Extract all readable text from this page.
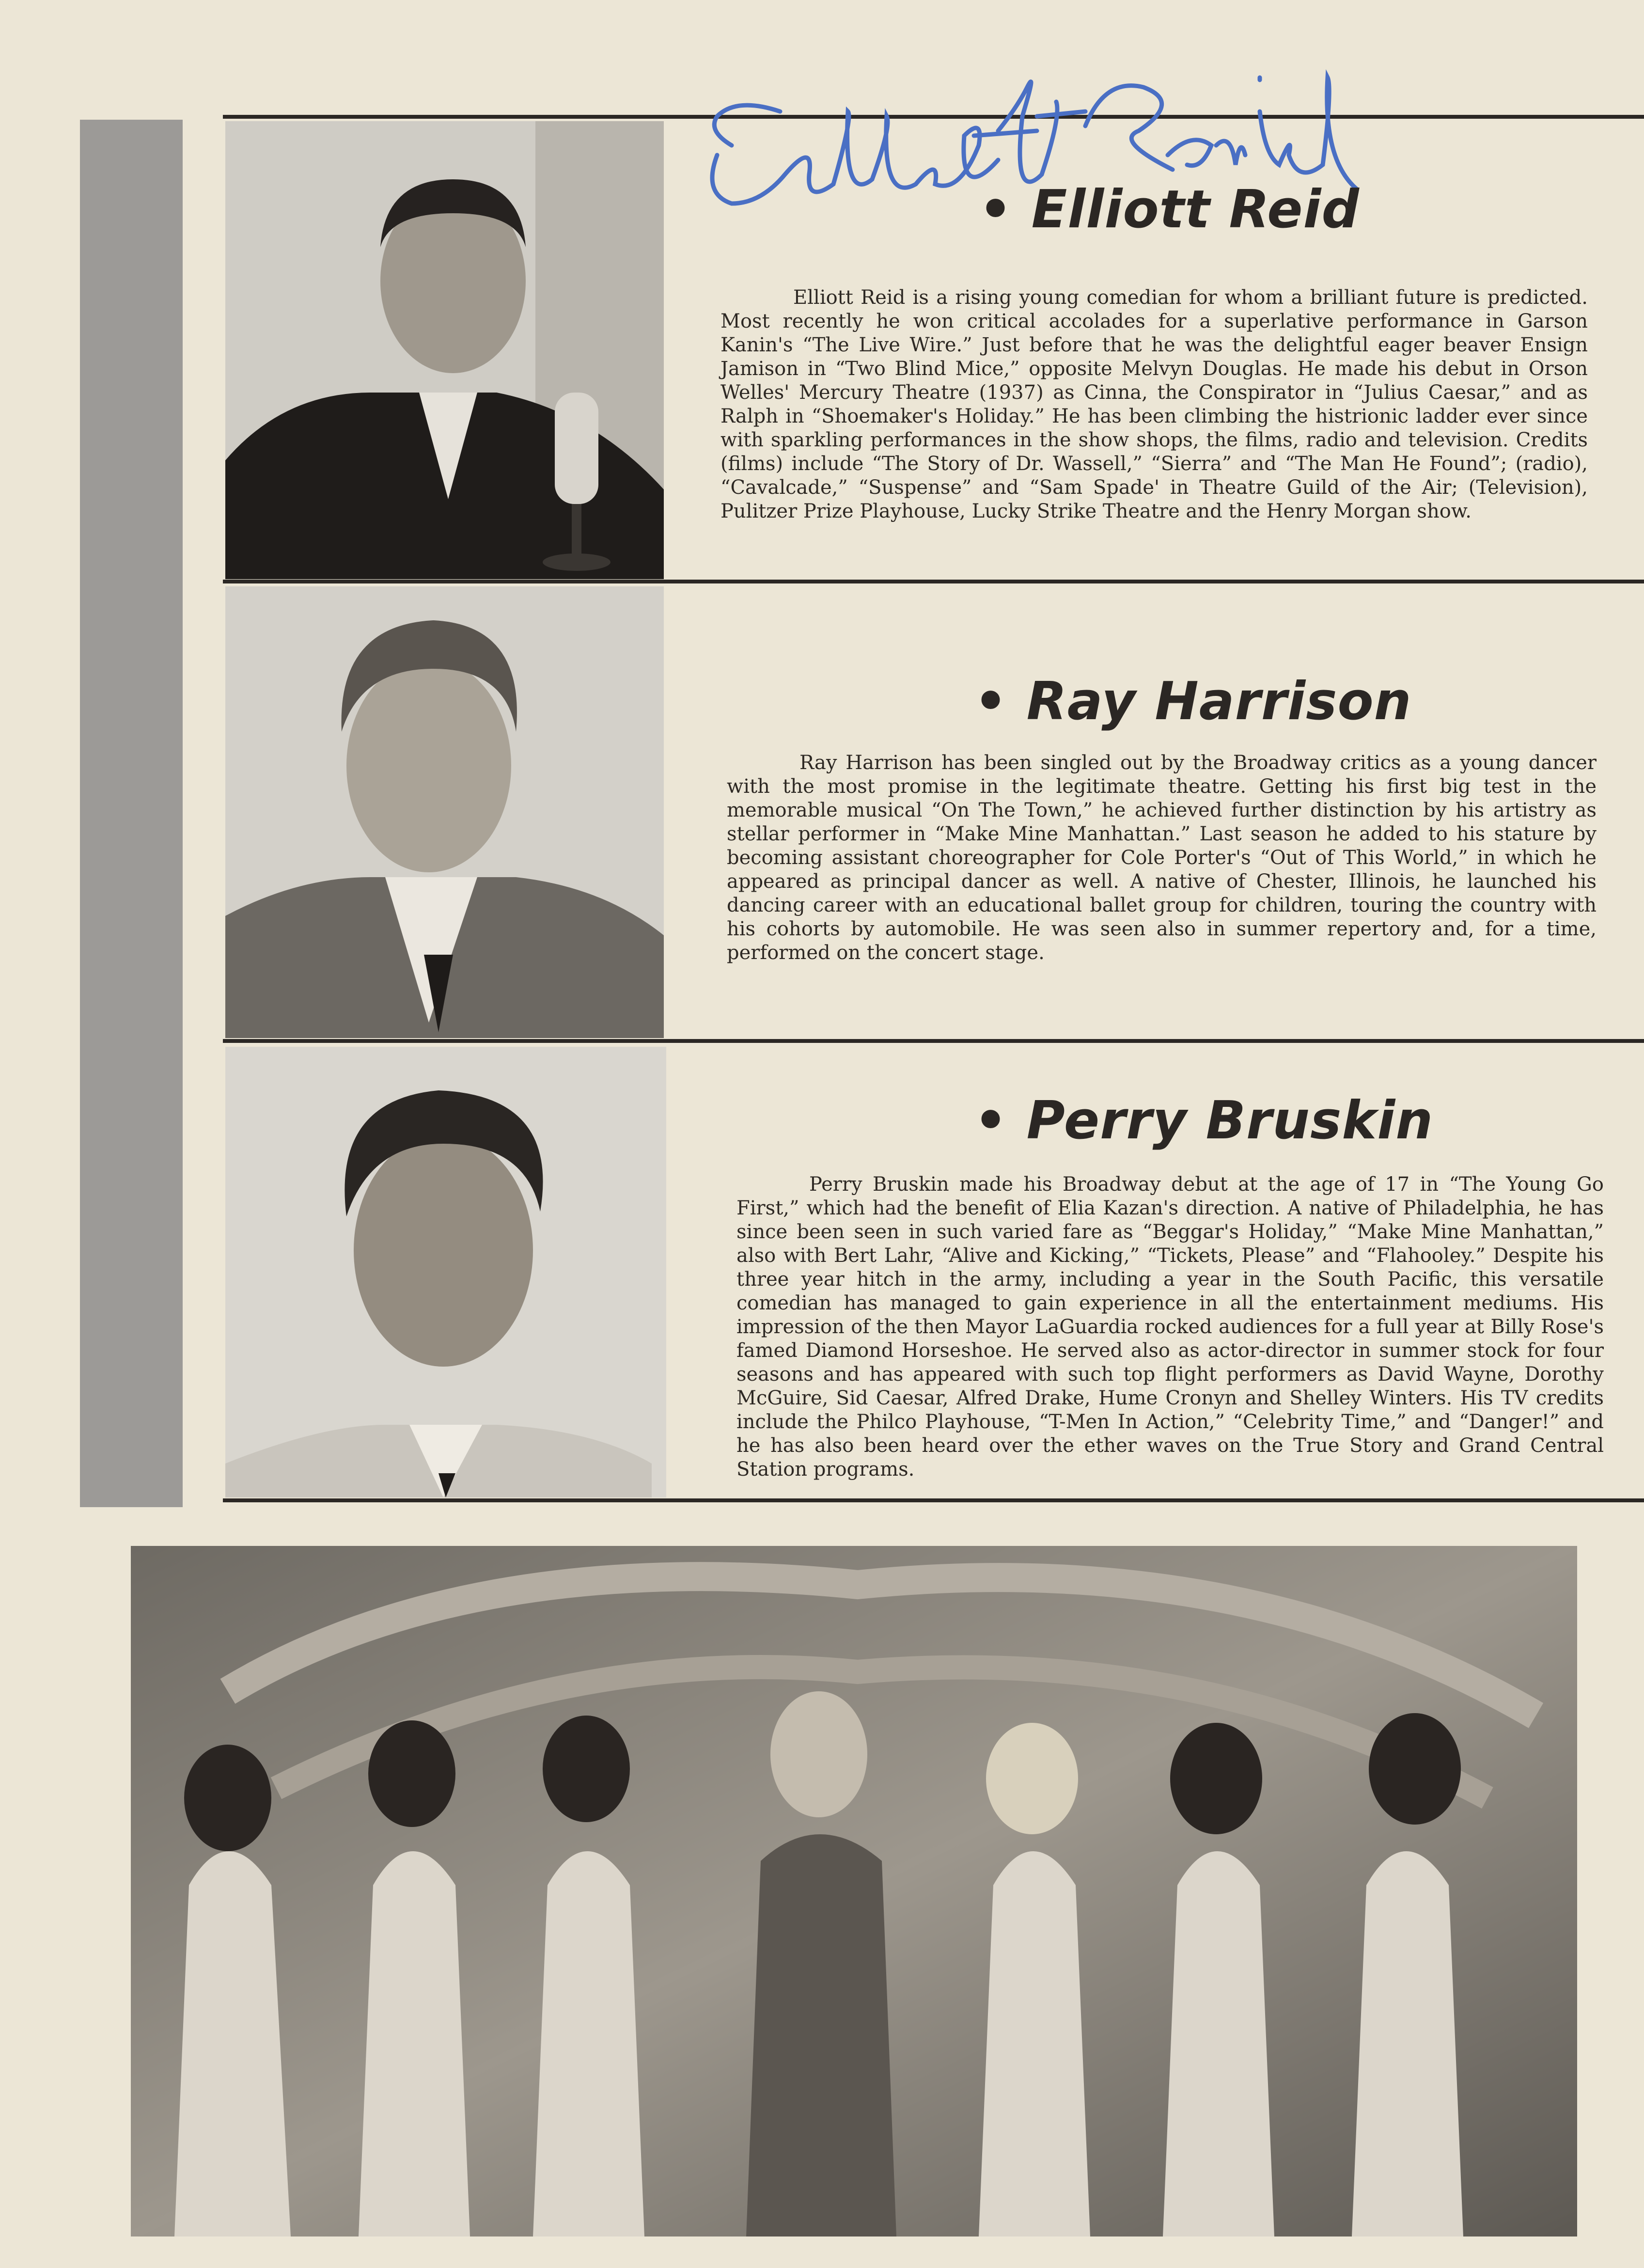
• Elliott Reid

Elliott Reid is a rising young comedian for whom a brilliant future is predicted. Most recently he won critical accolades for a superlative performance in Garson Kanin's “The Live Wire.” Just before that he was the delightful eager beaver Ensign Jamison in “Two Blind Mice,” opposite Melvyn Douglas. He made his debut in Orson Welles' Mercury Theatre (1937) as Cinna, the Conspirator in “Julius Caesar,” and as Ralph in “Shoemaker's Holiday.” He has been climbing the histrionic ladder ever since with sparkling performances in the show shops, the films, radio and television. Credits (films) include “The Story of Dr. Wassell,” “Sierra” and “The Man He Found”; (radio), “Cavalcade,” “Suspense” and “Sam Spade' in Theatre Guild of the Air; (Television), Pulitzer Prize Playhouse, Lucky Strike Theatre and the Henry Morgan show.

• Ray Harrison

Ray Harrison has been singled out by the Broadway critics as a young dancer with the most promise in the legitimate theatre. Getting his first big test in the memorable musical “On The Town,” he achieved further distinction by his artistry as stellar performer in “Make Mine Manhattan.” Last season he added to his stature by becoming assistant choreographer for Cole Porter's “Out of This World,” in which he appeared as principal dancer as well. A native of Chester, Illinois, he launched his dancing career with an educational ballet group for children, touring the country with his cohorts by automobile. He was seen also in summer repertory and, for a time, performed on the concert stage.

• Perry Bruskin

Perry Bruskin made his Broadway debut at the age of 17 in “The Young Go First,” which had the benefit of Elia Kazan's direction. A native of Philadelphia, he has since been seen in such varied fare as “Beggar's Holiday,” “Make Mine Manhattan,” also with Bert Lahr, “Alive and Kicking,” “Tickets, Please” and “Flahooley.” Despite his three year hitch in the army, including a year in the South Pacific, this versatile comedian has managed to gain experience in all the entertainment mediums. His impression of the then Mayor LaGuardia rocked audiences for a full year at Billy Rose's famed Diamond Horseshoe. He served also as actor-director in summer stock for four seasons and has appeared with such top flight performers as David Wayne, Dorothy McGuire, Sid Caesar, Alfred Drake, Hume Cronyn and Shelley Winters. His TV credits include the Philco Playhouse, “T-Men In Action,” “Celebrity Time,” and “Danger!” and he has also been heard over the ether waves on the True Story and Grand Central Station programs.
